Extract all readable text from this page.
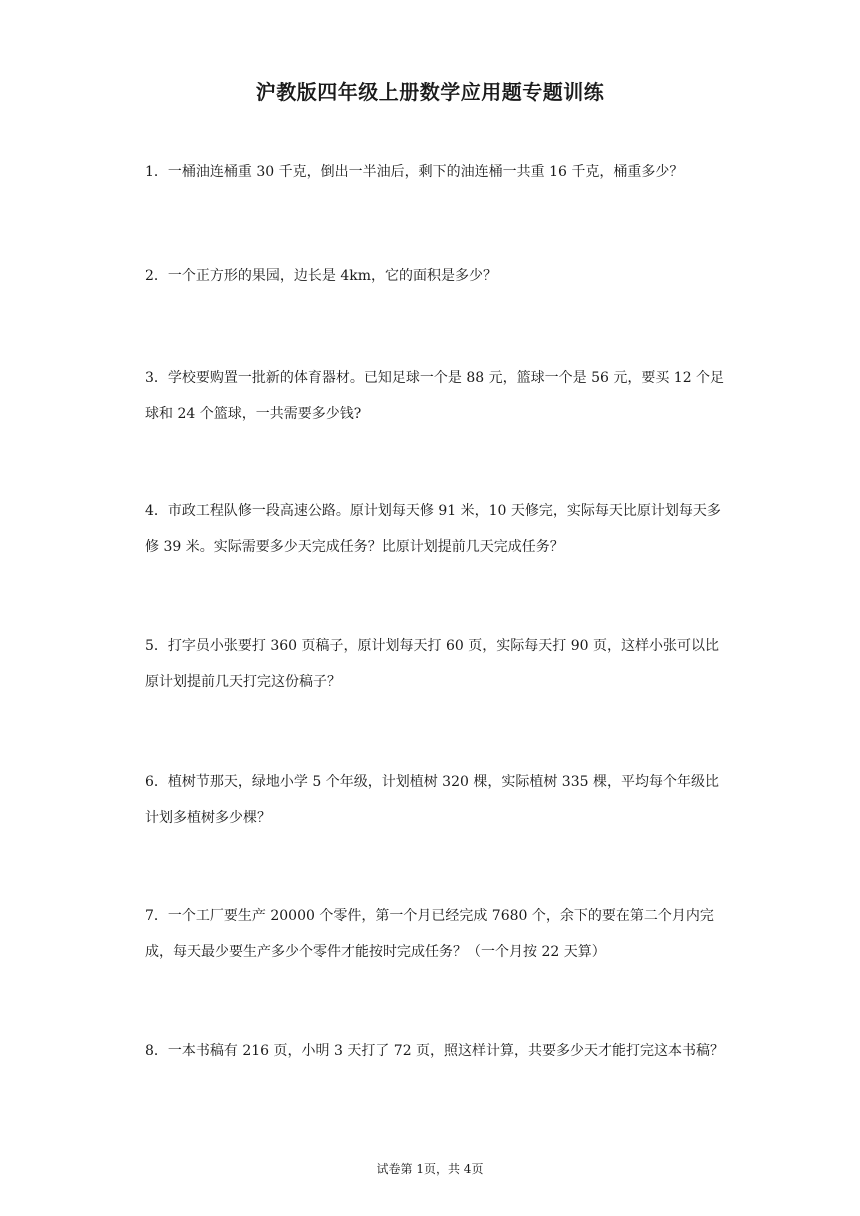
沪教版四年级上册数学应用题专题训练
1．一桶油连桶重 30 千克，倒出一半油后，剩下的油连桶一共重 16 千克，桶重多少？
2．一个正方形的果园，边长是 4km，它的面积是多少？
3．学校要购置一批新的体育器材。已知足球一个是 88 元，篮球一个是 56 元，要买 12 个足球和 24 个篮球，一共需要多少钱?
4．市政工程队修一段高速公路。原计划每天修 91 米，10 天修完，实际每天比原计划每天多修 39 米。实际需要多少天完成任务？比原计划提前几天完成任务？
5．打字员小张要打 360 页稿子，原计划每天打 60 页，实际每天打 90 页，这样小张可以比原计划提前几天打完这份稿子？
6．植树节那天，绿地小学 5 个年级，计划植树 320 棵，实际植树 335 棵，平均每个年级比计划多植树多少棵？
7．一个工厂要生产 20000 个零件，第一个月已经完成 7680 个，余下的要在第二个月内完成，每天最少要生产多少个零件才能按时完成任务？（一个月按 22 天算）
8．一本书稿有 216 页，小明 3 天打了 72 页，照这样计算，共要多少天才能打完这本书稿？
试卷第 1页，共 4页
